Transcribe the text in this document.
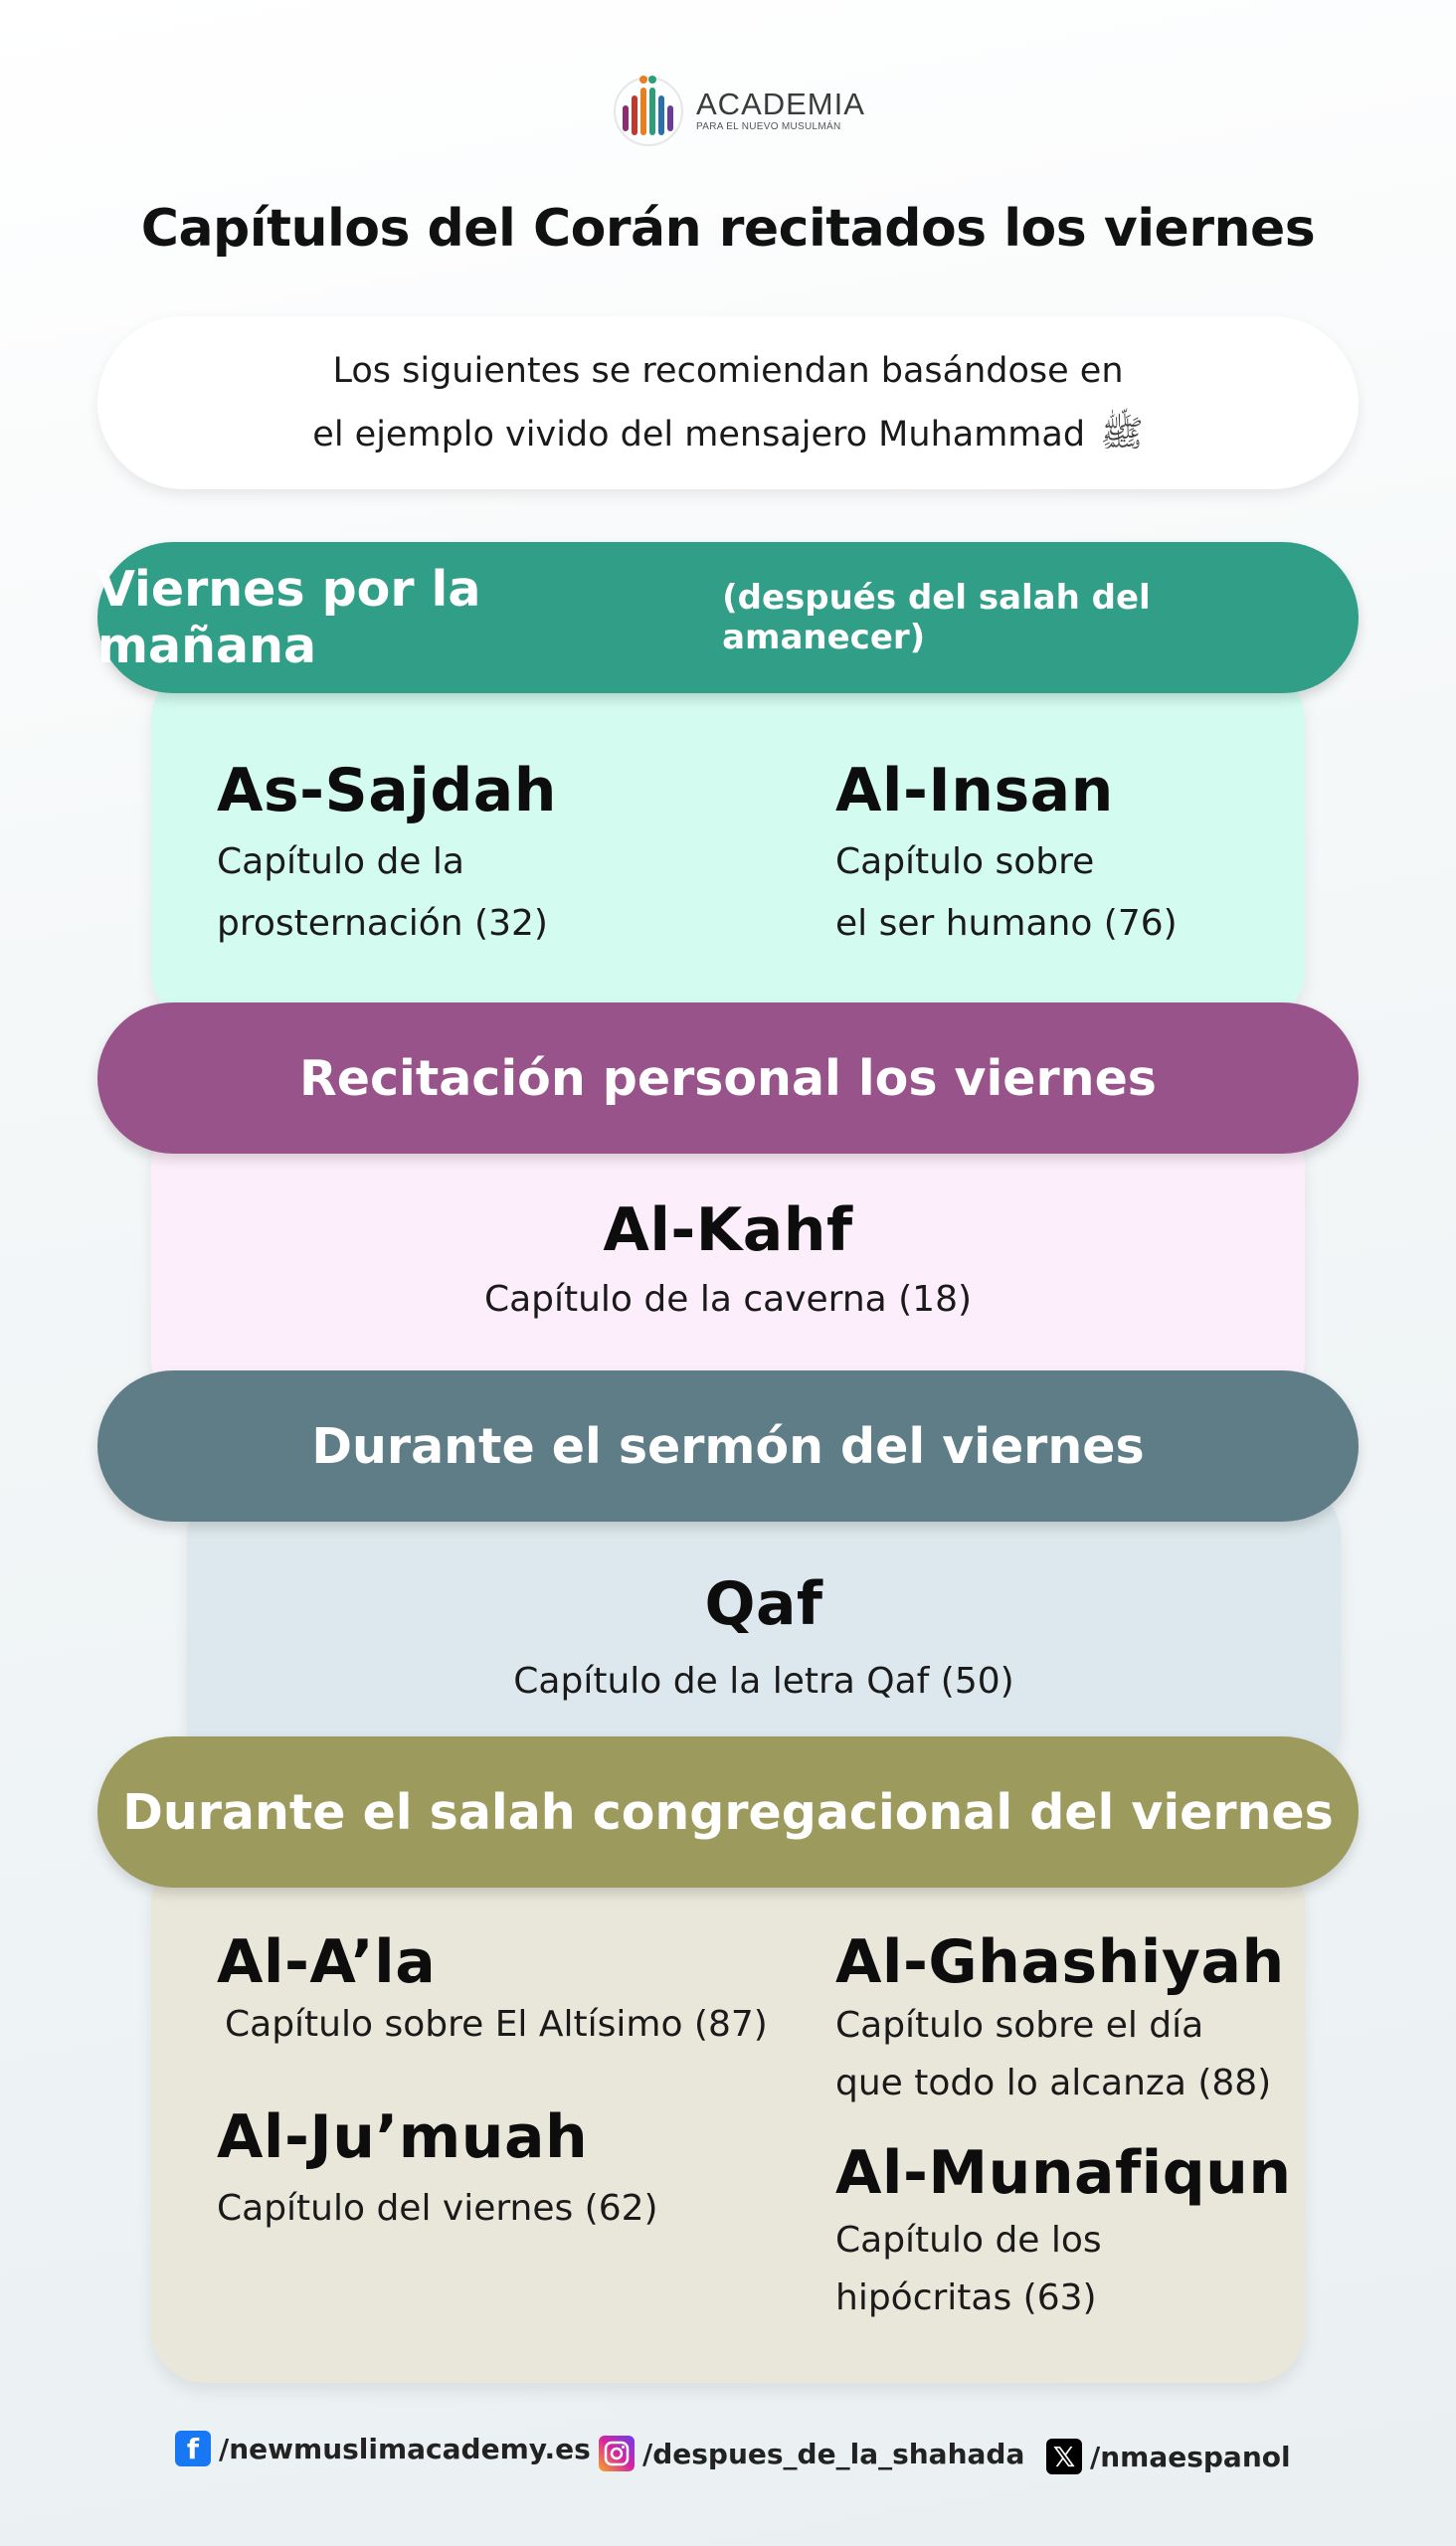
ACADEMIA
PARA EL NUEVO MUSULMÁN
Capítulos del Corán recitados los viernes
Los siguientes se recomiendan basándose en
el ejemplo vivido del mensajero Muhammad ﷺ
As-Sajdah
Capítulo de la
prosternación (32)
Al-Insan
Capítulo sobre
el ser humano (76)
Viernes por la mañana
(después del salah del amanecer)
Al-Kahf
Capítulo de la caverna (18)
Recitación personal los viernes
Qaf
Capítulo de la letra Qaf (50)
Durante el sermón del viernes
Al-A’la
Capítulo sobre El Altísimo (87)
Al-Ghashiyah
Capítulo sobre el día
que todo lo alcanza (88)
Al-Ju’muah
Capítulo del viernes (62)
Al-Munafiqun
Capítulo de los
hipócritas (63)
Durante el salah congregacional del viernes
f /newmuslimacademy.es /despues_de_la_shahada 𝕏 /nmaespanol
